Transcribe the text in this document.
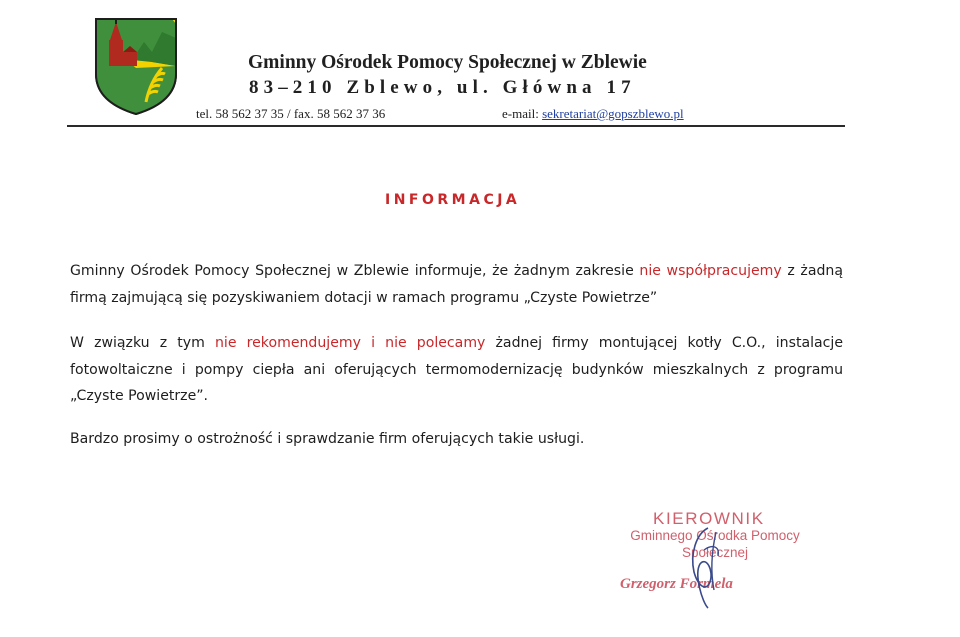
Gminny Ośrodek Pomocy Społecznej w Zblewie
83–210 Zblewo, ul. Główna 17
tel. 58 562 37 35 / fax. 58 562 37 36	e-mail: sekretariat@gopszblewo.pl
INFORMACJA
Gminny Ośrodek Pomocy Społecznej w Zblewie informuje, że żadnym zakresie nie współpracujemy z żadną firmą zajmującą się pozyskiwaniem dotacji w ramach programu „Czyste Powietrze”
W związku z tym nie rekomendujemy i nie polecamy żadnej firmy montującej kotły C.O., instalacje fotowoltaiczne i pompy ciepła ani oferujących termomodernizację budynków mieszkalnych z programu „Czyste Powietrze”.
Bardzo prosimy o ostrożność i sprawdzanie firm oferujących takie usługi.
KIEROWNIK
Gminnego Ośrodka Pomocy
Społecznej
Grzegorz Formela
